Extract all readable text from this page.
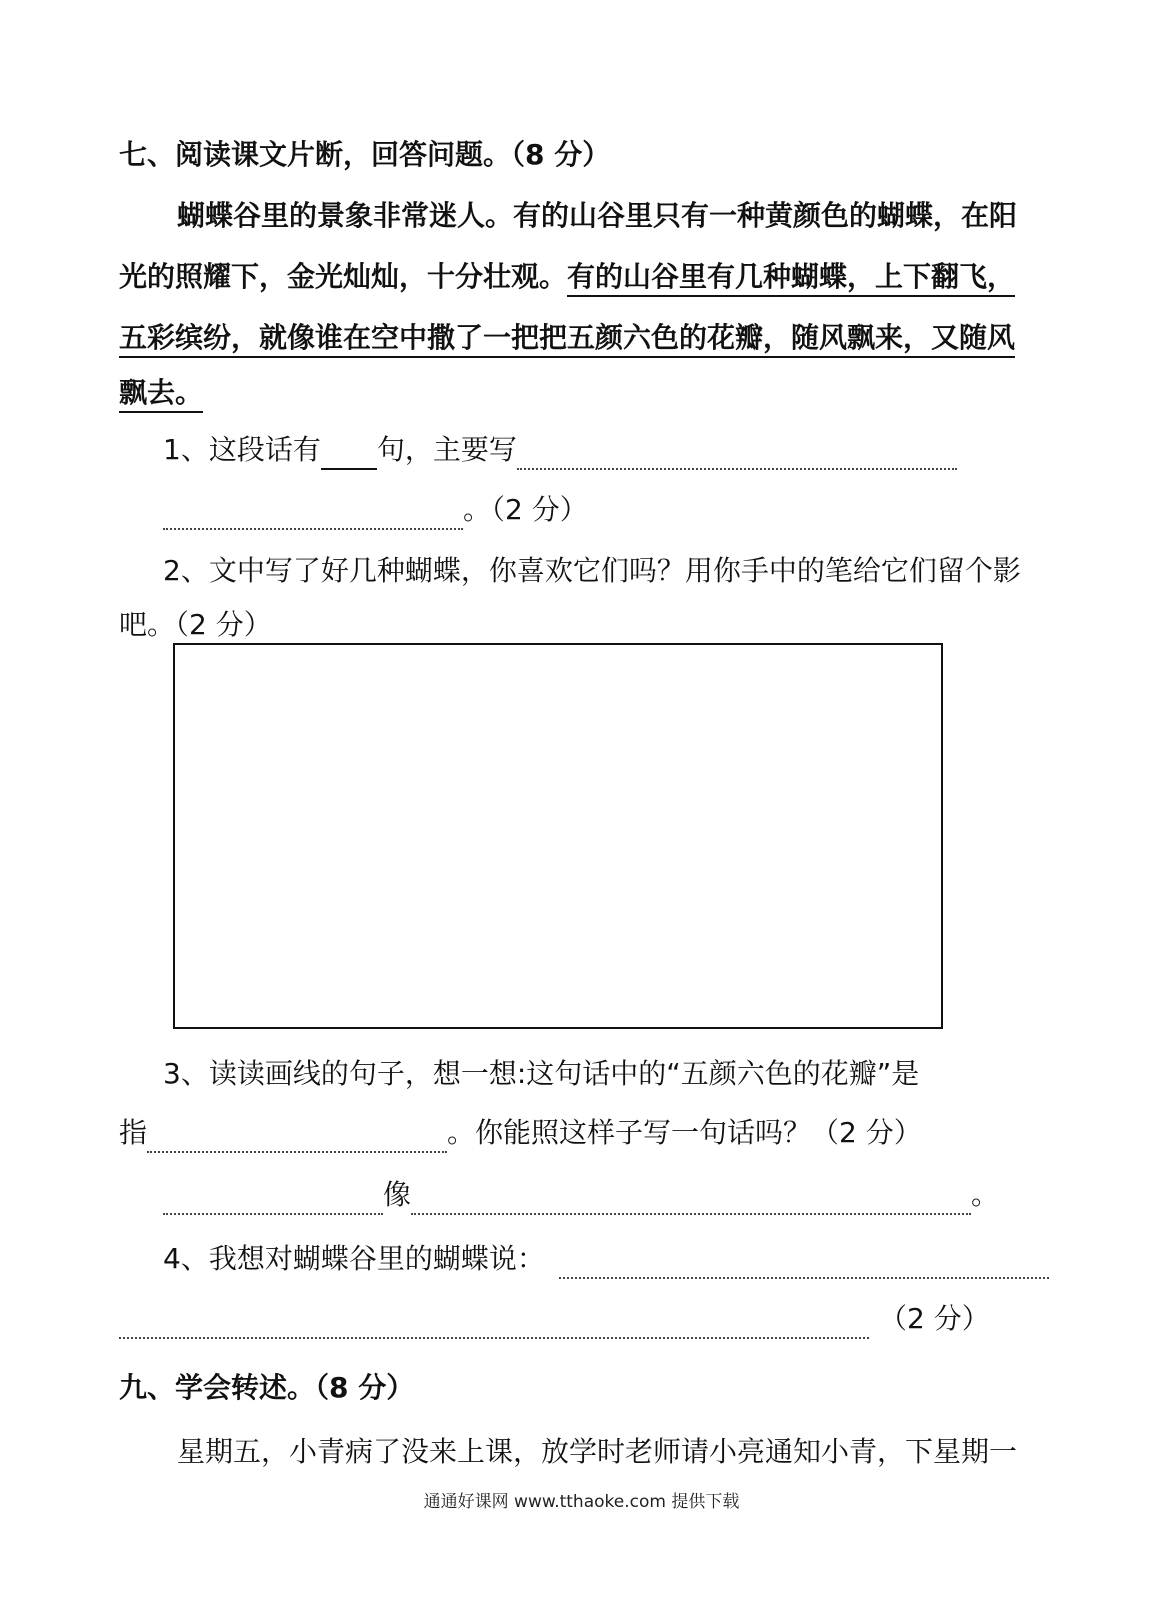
七、阅读课文片断，回答问题。（8 分）
蝴蝶谷里的景象非常迷人。有的山谷里只有一种黄颜色的蝴蝶，在阳
光的照耀下，金光灿灿，十分壮观。有的山谷里有几种蝴蝶，上下翻飞，
五彩缤纷，就像谁在空中撒了一把把五颜六色的花瓣，随风飘来，又随风
飘去。
1、这段话有 句，主要写
。（2 分）
2、文中写了好几种蝴蝶，你喜欢它们吗？用你手中的笔给它们留个影
吧。（2 分）
3、读读画线的句子，想一想:这句话中的“五颜六色的花瓣”是
指	。你能照这样子写一句话吗？（2 分）
像	。
4、我想对蝴蝶谷里的蝴蝶说：
（2 分）
九、学会转述。（8 分）
星期五，小青病了没来上课，放学时老师请小亮通知小青，下星期一
通通好课网 www.tthaoke.com 提供下载
